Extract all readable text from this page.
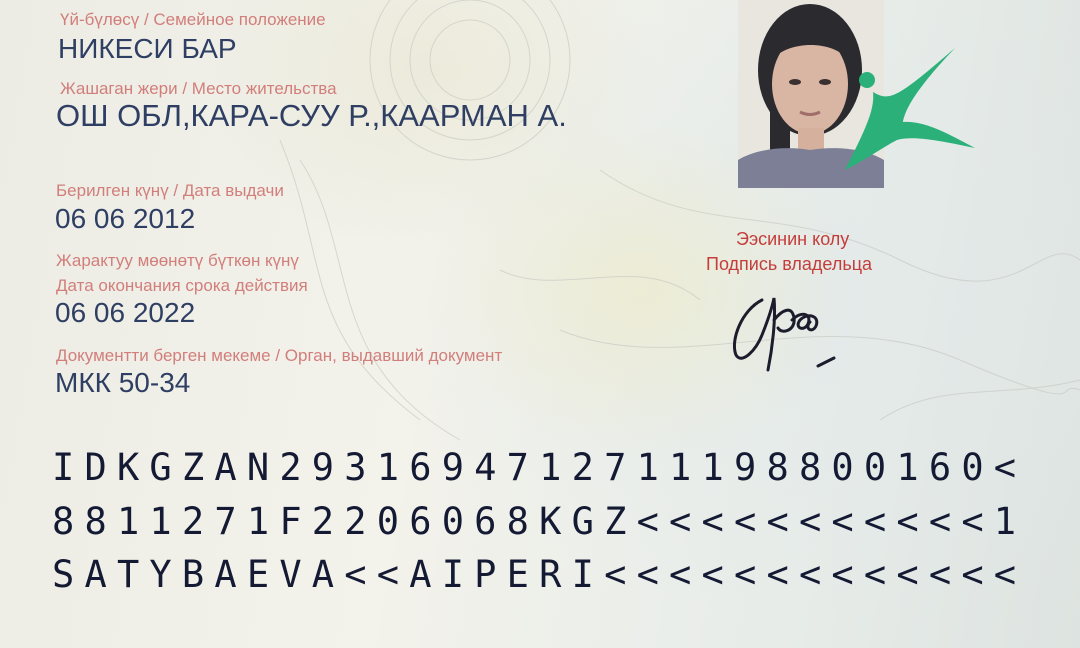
Үй-бүлөсү / Семейное положение
НИКЕСИ БАР
Жашаган жери / Место жительства
ОШ ОБЛ,КАРА-СУУ Р.,КААРМАН А.
Берилген күнү / Дата выдачи
06 06 2012
Жарактуу мөөнөтү бүткөн күнү
Дата окончания срока действия
06 06 2022
Документти берген мекеме / Орган, выдавший документ
МКК 50-34
Ээсинин колу
Подпись владельца
IDKGZAN2931694712711198800160<
8811271F2206068KGZ<<<<<<<<<<<1
SATYBAEVA<<AIPERI<<<<<<<<<<<<<
